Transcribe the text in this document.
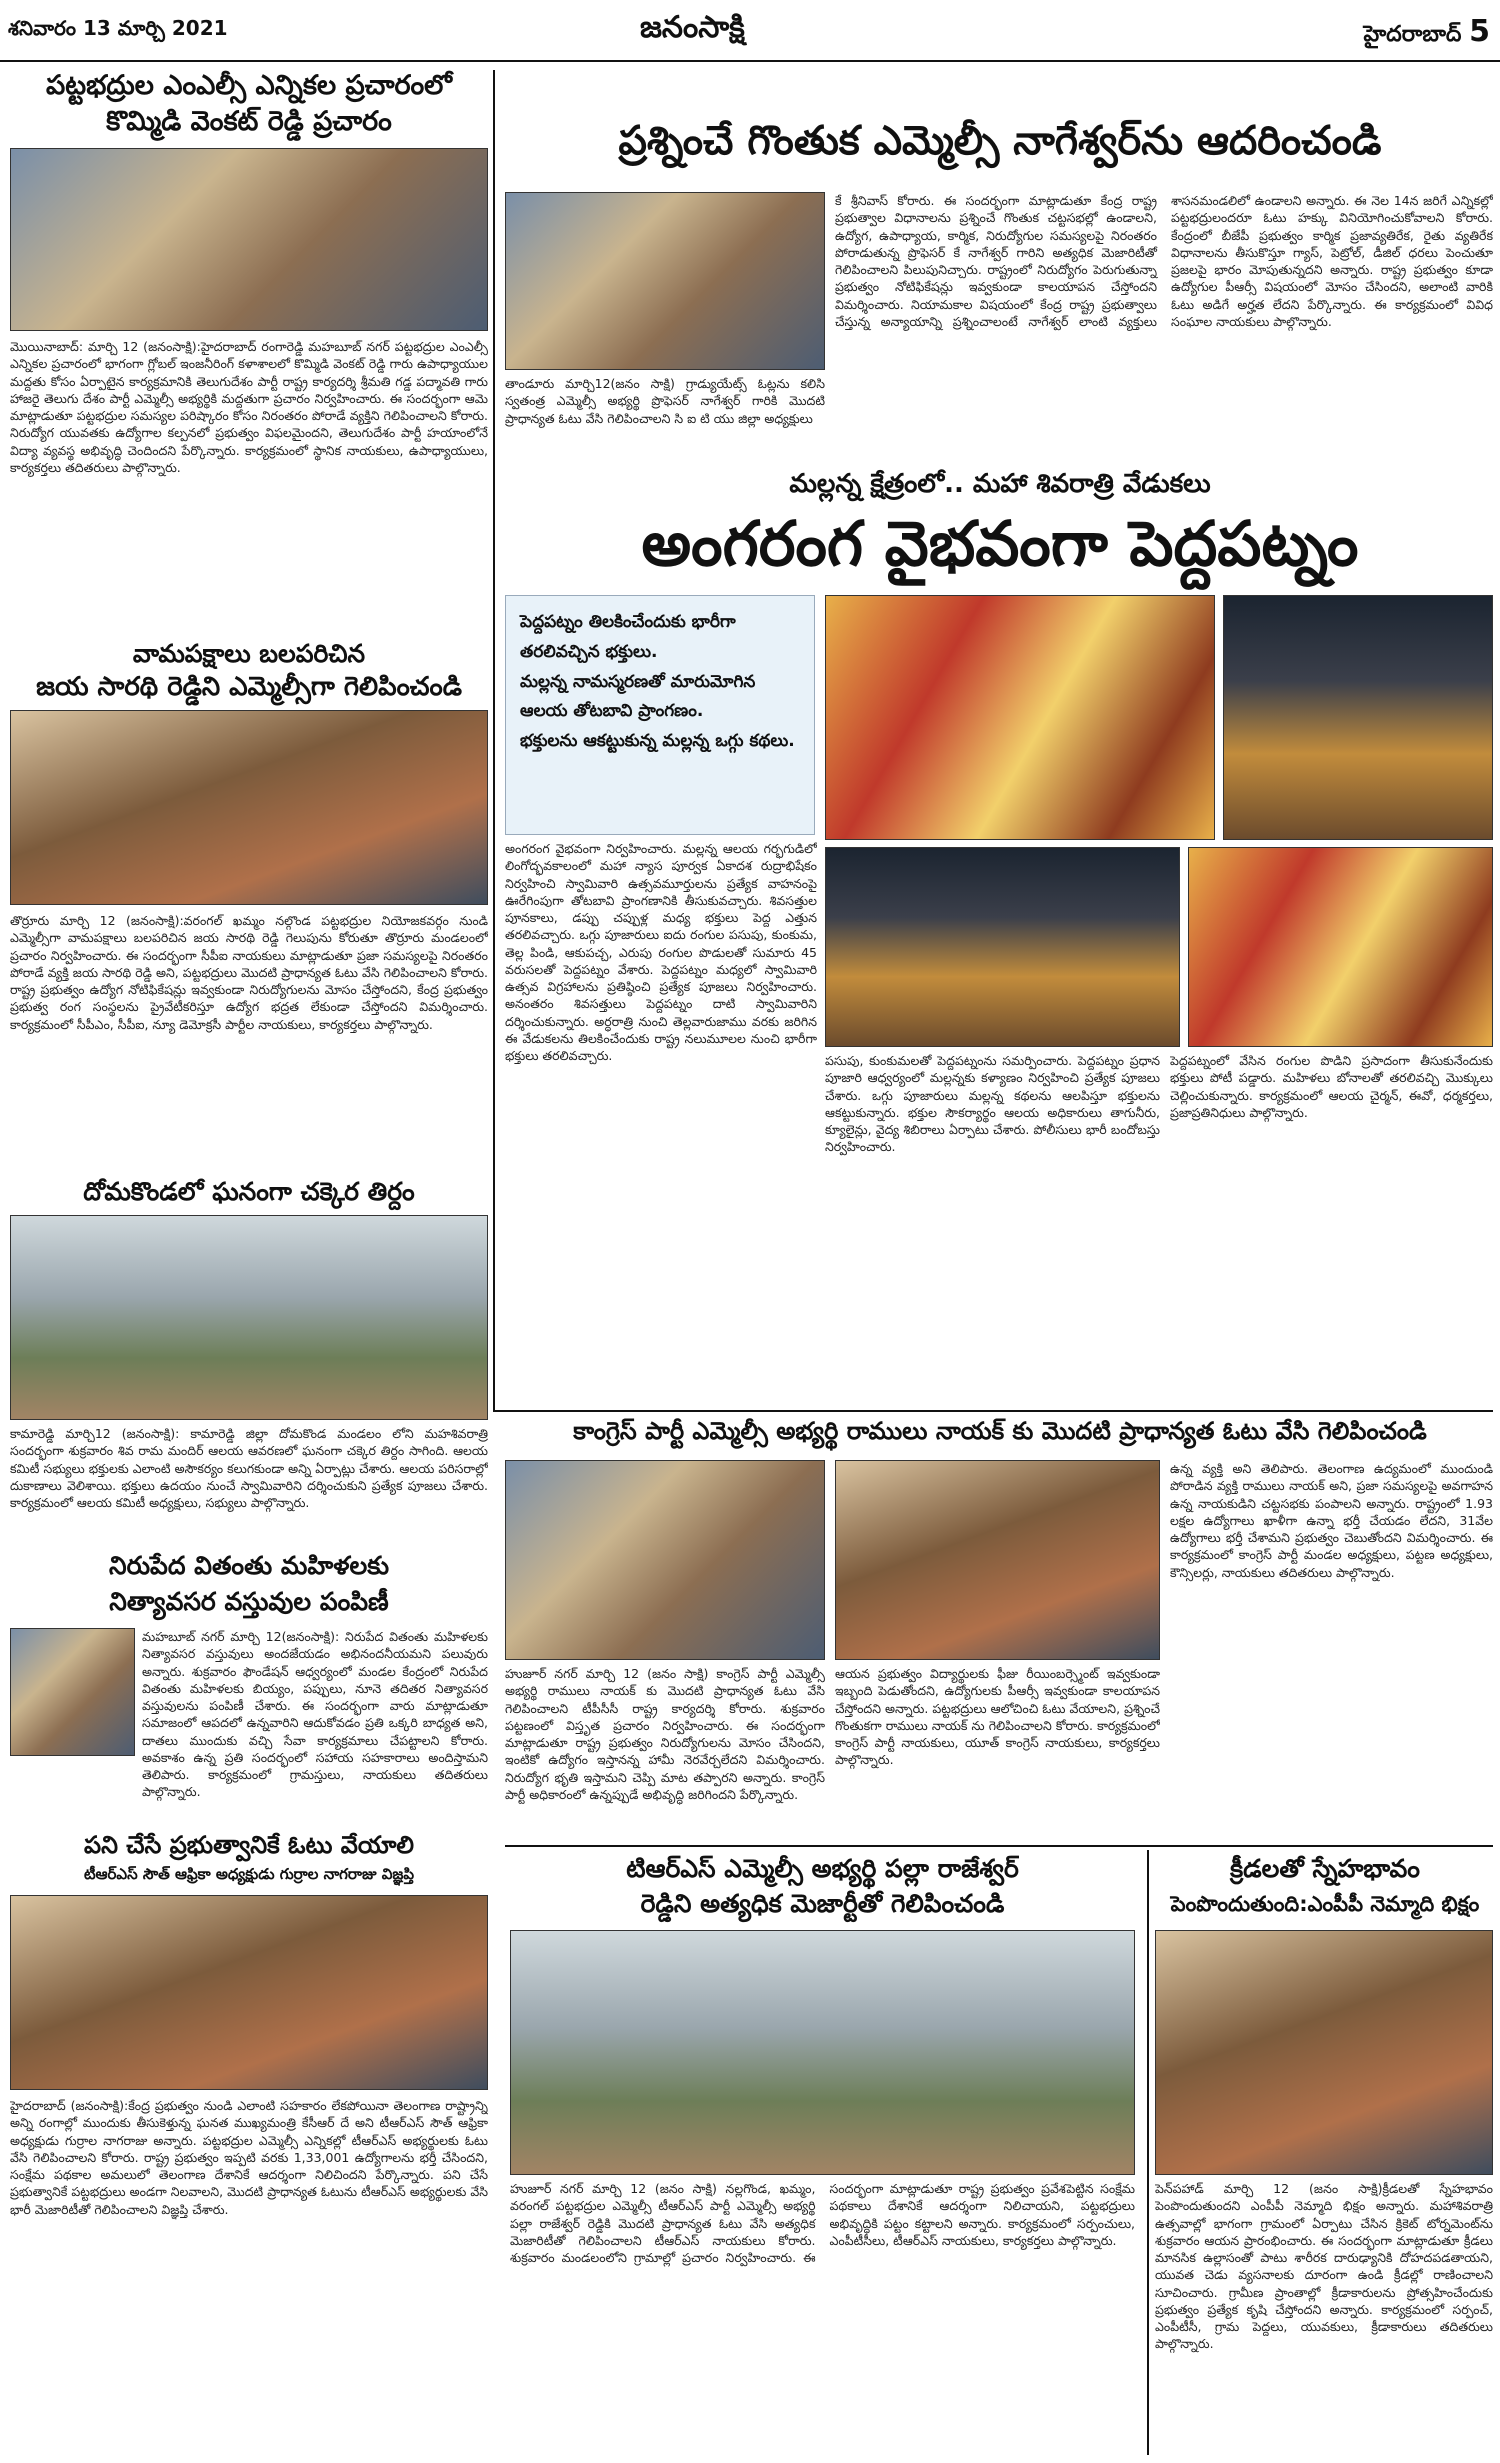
శనివారం 13 మార్చి 2021	జనంసాక్షి	హైదరాబాద్ 5
పట్టభద్రుల ఎంఎల్సీ ఎన్నికల ప్రచారంలో
కొమ్మిడి వెంకట్ రెడ్డి ప్రచారం
మొయినాబాద్: మార్చి 12 (జనంసాక్షి):హైదరాబాద్ రంగారెడ్డి మహబూబ్ నగర్ పట్టభద్రుల ఎంఎల్సీ ఎన్నికల ప్రచారంలో భాగంగా గ్లోబల్ ఇంజనీరింగ్ కళాశాలలో కొమ్మిడి వెంకట్ రెడ్డి గారు ఉపాధ్యాయుల మద్దతు కోసం ఏర్పాటైన కార్యక్రమానికి తెలుగుదేశం పార్టీ రాష్ట్ర కార్యదర్శి శ్రీమతి గడ్డ పద్మావతి గారు హాజరై తెలుగు దేశం పార్టీ ఎమ్మెల్సీ అభ్యర్థికి మద్దతుగా ప్రచారం నిర్వహించారు. ఈ సందర్భంగా ఆమె మాట్లాడుతూ పట్టభద్రుల సమస్యల పరిష్కారం కోసం నిరంతరం పోరాడే వ్యక్తిని గెలిపించాలని కోరారు. నిరుద్యోగ యువతకు ఉద్యోగాల కల్పనలో ప్రభుత్వం విఫలమైందని, తెలుగుదేశం పార్టీ హయాంలోనే విద్యా వ్యవస్థ అభివృద్ధి చెందిందని పేర్కొన్నారు. కార్యక్రమంలో స్థానిక నాయకులు, ఉపాధ్యాయులు, కార్యకర్తలు తదితరులు పాల్గొన్నారు.
వామపక్షాలు బలపరిచిన
జయ సారథి రెడ్డిని ఎమ్మెల్సీగా గెలిపించండి
తొర్రూరు మార్చి 12 (జనంసాక్షి):వరంగల్ ఖమ్మం నల్గొండ పట్టభద్రుల నియోజకవర్గం నుండి ఎమ్మెల్సీగా వామపక్షాలు బలపరిచిన జయ సారథి రెడ్డి గెలుపును కోరుతూ తొర్రూరు మండలంలో ప్రచారం నిర్వహించారు. ఈ సందర్భంగా సీపీఐ నాయకులు మాట్లాడుతూ ప్రజా సమస్యలపై నిరంతరం పోరాడే వ్యక్తి జయ సారథి రెడ్డి అని, పట్టభద్రులు మొదటి ప్రాధాన్యత ఓటు వేసి గెలిపించాలని కోరారు. రాష్ట్ర ప్రభుత్వం ఉద్యోగ నోటిఫికేషన్లు ఇవ్వకుండా నిరుద్యోగులను మోసం చేస్తోందని, కేంద్ర ప్రభుత్వం ప్రభుత్వ రంగ సంస్థలను ప్రైవేటీకరిస్తూ ఉద్యోగ భద్రత లేకుండా చేస్తోందని విమర్శించారు. కార్యక్రమంలో సీపీఎం, సీపీఐ, న్యూ డెమోక్రసీ పార్టీల నాయకులు, కార్యకర్తలు పాల్గొన్నారు.
దోమకొండలో ఘనంగా చక్కెర తిర్దం
కామారెడ్డి మార్చి12 (జనంసాక్షి): కామారెడ్డి జిల్లా దోమకొండ మండలం లోని మహశివరాత్రి సందర్భంగా శుక్రవారం శివ రామ మందిర్ ఆలయ ఆవరణలో ఘనంగా చక్కెర తిర్దం సాగింది. ఆలయ కమిటీ సభ్యులు భక్తులకు ఎలాంటి అసౌకర్యం కలుగకుండా అన్ని ఏర్పాట్లు చేశారు. ఆలయ పరిసరాల్లో దుకాణాలు వెలిశాయి. భక్తులు ఉదయం నుంచే స్వామివారిని దర్శించుకుని ప్రత్యేక పూజలు చేశారు. కార్యక్రమంలో ఆలయ కమిటీ అధ్యక్షులు, సభ్యులు పాల్గొన్నారు.
నిరుపేద వితంతు మహిళలకు
నిత్యావసర వస్తువుల పంపిణీ
మహబూబ్ నగర్ మార్చి 12(జనంసాక్షి): నిరుపేద వితంతు మహిళలకు నిత్యావసర వస్తువులు అందజేయడం అభినందనీయమని పలువురు అన్నారు. శుక్రవారం ఫౌండేషన్ ఆధ్వర్యంలో మండల కేంద్రంలో నిరుపేద వితంతు మహిళలకు బియ్యం, పప్పులు, నూనె తదితర నిత్యావసర వస్తువులను పంపిణీ చేశారు. ఈ సందర్భంగా వారు మాట్లాడుతూ సమాజంలో ఆపదలో ఉన్నవారిని ఆదుకోవడం ప్రతి ఒక్కరి బాధ్యత అని, దాతలు ముందుకు వచ్చి సేవా కార్యక్రమాలు చేపట్టాలని కోరారు. అవకాశం ఉన్న ప్రతి సందర్భంలో సహాయ సహకారాలు అందిస్తామని తెలిపారు. కార్యక్రమంలో గ్రామస్తులు, నాయకులు తదితరులు పాల్గొన్నారు.
పని చేసే ప్రభుత్వానికే ఓటు వేయాలి
టీఆర్ఎస్ సౌత్ ఆఫ్రికా అధ్యక్షుడు గుర్రాల నాగరాజు విజ్ఞప్తి
హైదరాబాద్ (జనంసాక్షి):కేంద్ర ప్రభుత్వం నుండి ఎలాంటి సహకారం లేకపోయినా తెలంగాణ రాష్ట్రాన్ని అన్ని రంగాల్లో ముందుకు తీసుకెళ్తున్న ఘనత ముఖ్యమంత్రి కేసీఆర్ దే అని టీఆర్ఎస్ సౌత్ ఆఫ్రికా అధ్యక్షుడు గుర్రాల నాగరాజు అన్నారు. పట్టభద్రుల ఎమ్మెల్సీ ఎన్నికల్లో టీఆర్ఎస్ అభ్యర్థులకు ఓటు వేసి గెలిపించాలని కోరారు. రాష్ట్ర ప్రభుత్వం ఇప్పటి వరకు 1,33,001 ఉద్యోగాలను భర్తీ చేసిందని, సంక్షేమ పథకాల అమలులో తెలంగాణ దేశానికే ఆదర్శంగా నిలిచిందని పేర్కొన్నారు. పని చేసే ప్రభుత్వానికే పట్టభద్రులు అండగా నిలవాలని, మొదటి ప్రాధాన్యత ఓటును టీఆర్ఎస్ అభ్యర్థులకు వేసి భారీ మెజారిటీతో గెలిపించాలని విజ్ఞప్తి చేశారు.
ప్రశ్నించే గొంతుక ఎమ్మెల్సీ నాగేశ్వర్‌ను ఆదరించండి
తాండూరు మార్చి12(జనం సాక్షి) గ్రాడ్యుయేట్స్ ఓట్లను కలిసి స్వతంత్ర ఎమ్మెల్సీ అభ్యర్థి ప్రొఫెసర్ నాగేశ్వర్ గారికి మొదటి ప్రాధాన్యత ఓటు వేసి గెలిపించాలని సి ఐ టి యు జిల్లా అధ్యక్షులు
కే శ్రీనివాస్ కోరారు. ఈ సందర్భంగా మాట్లాడుతూ కేంద్ర రాష్ట్ర ప్రభుత్వాల విధానాలను ప్రశ్నించే గొంతుక చట్టసభల్లో ఉండాలని, ఉద్యోగ, ఉపాధ్యాయ, కార్మిక, నిరుద్యోగుల సమస్యలపై నిరంతరం పోరాడుతున్న ప్రొఫెసర్ కే నాగేశ్వర్ గారిని అత్యధిక మెజారిటీతో గెలిపించాలని పిలుపునిచ్చారు. రాష్ట్రంలో నిరుద్యోగం పెరుగుతున్నా ప్రభుత్వం నోటిఫికేషన్లు ఇవ్వకుండా కాలయాపన చేస్తోందని విమర్శించారు. నియామకాల విషయంలో కేంద్ర రాష్ట్ర ప్రభుత్వాలు చేస్తున్న అన్యాయాన్ని ప్రశ్నించాలంటే నాగేశ్వర్ లాంటి వ్యక్తులు శాసనమండలిలో ఉండాలని అన్నారు. ఈ నెల 14న జరిగే ఎన్నికల్లో పట్టభద్రులందరూ ఓటు హక్కు వినియోగించుకోవాలని కోరారు. కేంద్రంలో బీజేపీ ప్రభుత్వం కార్మిక ప్రజావ్యతిరేక, రైతు వ్యతిరేక విధానాలను తీసుకొస్తూ గ్యాస్, పెట్రోల్, డీజిల్ ధరలు పెంచుతూ ప్రజలపై భారం మోపుతున్నదని అన్నారు. రాష్ట్ర ప్రభుత్వం కూడా ఉద్యోగుల పీఆర్సీ విషయంలో మోసం చేసిందని, అలాంటి వారికి ఓటు అడిగే అర్హత లేదని పేర్కొన్నారు. ఈ కార్యక్రమంలో వివిధ సంఘాల నాయకులు పాల్గొన్నారు.
మల్లన్న క్షేత్రంలో.. మహా శివరాత్రి వేడుకలు
అంగరంగ వైభవంగా పెద్దపట్నం
పెద్దపట్నం తిలకించేందుకు భారీగా తరలివచ్చిన భక్తులు.
మల్లన్న నామస్మరణతో మారుమోగిన ఆలయ తోటబావి ప్రాంగణం.
భక్తులను ఆకట్టుకున్న మల్లన్న ఒగ్గు కథలు.
అంగరంగ వైభవంగా నిర్వహించారు. మల్లన్న ఆలయ గర్భగుడిలో లింగోద్భవకాలంలో మహా న్యాస పూర్వక ఏకాదశ రుద్రాభిషేకం నిర్వహించి స్వామివారి ఉత్సవమూర్తులను ప్రత్యేక వాహనంపై ఊరేగింపుగా తోటబావి ప్రాంగణానికి తీసుకువచ్చారు. శివసత్తుల పూనకాలు, డప్పు చప్పుళ్ల మధ్య భక్తులు పెద్ద ఎత్తున తరలివచ్చారు. ఒగ్గు పూజారులు ఐదు రంగుల పసుపు, కుంకుమ, తెల్ల పిండి, ఆకుపచ్చ, ఎరుపు రంగుల పొడులతో సుమారు 45 వరుసలతో పెద్దపట్నం వేశారు. పెద్దపట్నం మధ్యలో స్వామివారి ఉత్సవ విగ్రహాలను ప్రతిష్ఠించి ప్రత్యేక పూజలు నిర్వహించారు. అనంతరం శివసత్తులు పెద్దపట్నం దాటి స్వామివారిని దర్శించుకున్నారు. అర్ధరాత్రి నుంచి తెల్లవారుజాము వరకు జరిగిన ఈ వేడుకలను తిలకించేందుకు రాష్ట్ర నలుమూలల నుంచి భారీగా భక్తులు తరలివచ్చారు.	పసుపు, కుంకుమలతో పెద్దపట్నంను సమర్పించారు. పెద్దపట్నం ప్రధాన పూజారి ఆధ్వర్యంలో మల్లన్నకు కళ్యాణం నిర్వహించి ప్రత్యేక పూజలు చేశారు. ఒగ్గు పూజారులు మల్లన్న కథలను ఆలపిస్తూ భక్తులను ఆకట్టుకున్నారు. భక్తుల సౌకర్యార్థం ఆలయ అధికారులు తాగునీరు, క్యూలైన్లు, వైద్య శిబిరాలు ఏర్పాటు చేశారు. పోలీసులు భారీ బందోబస్తు నిర్వహించారు.
పెద్దపట్నంలో వేసిన రంగుల పొడిని ప్రసాదంగా తీసుకునేందుకు భక్తులు పోటీ పడ్డారు. మహిళలు బోనాలతో తరలివచ్చి మొక్కులు చెల్లించుకున్నారు. కార్యక్రమంలో ఆలయ చైర్మన్, ఈవో, ధర్మకర్తలు, ప్రజాప్రతినిధులు పాల్గొన్నారు.
కాంగ్రెస్ పార్టీ ఎమ్మెల్సీ అభ్యర్థి రాములు నాయక్ కు మొదటి ప్రాధాన్యత ఓటు వేసి గెలిపించండి
హుజూర్ నగర్ మార్చి 12 (జనం సాక్షి) కాంగ్రెస్ పార్టీ ఎమ్మెల్సీ అభ్యర్థి రాములు నాయక్ కు మొదటి ప్రాధాన్యత ఓటు వేసి గెలిపించాలని టీపీసీసీ రాష్ట్ర కార్యదర్శి కోరారు. శుక్రవారం పట్టణంలో విస్తృత ప్రచారం నిర్వహించారు. ఈ సందర్భంగా మాట్లాడుతూ రాష్ట్ర ప్రభుత్వం నిరుద్యోగులను మోసం చేసిందని, ఇంటికో ఉద్యోగం ఇస్తానన్న హామీ నెరవేర్చలేదని విమర్శించారు. నిరుద్యోగ భృతి ఇస్తామని చెప్పి మాట తప్పారని అన్నారు. కాంగ్రెస్ పార్టీ అధికారంలో ఉన్నప్పుడే అభివృద్ధి జరిగిందని పేర్కొన్నారు.
ఆయన ప్రభుత్వం విద్యార్థులకు ఫీజు రీయింబర్స్మెంట్ ఇవ్వకుండా ఇబ్బంది పెడుతోందని, ఉద్యోగులకు పీఆర్సీ ఇవ్వకుండా కాలయాపన చేస్తోందని అన్నారు. పట్టభద్రులు ఆలోచించి ఓటు వేయాలని, ప్రశ్నించే గొంతుకగా రాములు నాయక్ ను గెలిపించాలని కోరారు. కార్యక్రమంలో కాంగ్రెస్ పార్టీ నాయకులు, యూత్ కాంగ్రెస్ నాయకులు, కార్యకర్తలు పాల్గొన్నారు.
ఉన్న వ్యక్తి అని తెలిపారు. తెలంగాణ ఉద్యమంలో ముందుండి పోరాడిన వ్యక్తి రాములు నాయక్ అని, ప్రజా సమస్యలపై అవగాహన ఉన్న నాయకుడిని చట్టసభకు పంపాలని అన్నారు. రాష్ట్రంలో 1.93 లక్షల ఉద్యోగాలు ఖాళీగా ఉన్నా భర్తీ చేయడం లేదని, 31వేల ఉద్యోగాలు భర్తీ చేశామని ప్రభుత్వం చెబుతోందని విమర్శించారు. ఈ కార్యక్రమంలో కాంగ్రెస్ పార్టీ మండల అధ్యక్షులు, పట్టణ అధ్యక్షులు, కౌన్సిలర్లు, నాయకులు తదితరులు పాల్గొన్నారు.
టిఆర్ఎస్ ఎమ్మెల్సీ అభ్యర్థి పల్లా రాజేశ్వర్
రెడ్డిని అత్యధిక మెజార్టీతో గెలిపించండి
హుజూర్ నగర్ మార్చి 12 (జనం సాక్షి) నల్లగొండ, ఖమ్మం, వరంగల్ పట్టభద్రుల ఎమ్మెల్సీ టీఆర్ఎస్ పార్టీ ఎమ్మెల్సీ అభ్యర్థి పల్లా రాజేశ్వర్ రెడ్డికి మొదటి ప్రాధాన్యత ఓటు వేసి అత్యధిక మెజారిటీతో గెలిపించాలని టీఆర్ఎస్ నాయకులు కోరారు. శుక్రవారం మండలంలోని గ్రామాల్లో ప్రచారం నిర్వహించారు. ఈ సందర్భంగా మాట్లాడుతూ రాష్ట్ర ప్రభుత్వం ప్రవేశపెట్టిన సంక్షేమ పథకాలు దేశానికే ఆదర్శంగా నిలిచాయని, పట్టభద్రులు అభివృద్ధికి పట్టం కట్టాలని అన్నారు. కార్యక్రమంలో సర్పంచులు, ఎంపీటీసీలు, టీఆర్ఎస్ నాయకులు, కార్యకర్తలు పాల్గొన్నారు.
క్రీడలతో స్నేహభావం
పెంపొందుతుంది:ఎంపీపీ నెమ్మాది భిక్షం
పెన్‌పహాడ్ మార్చి 12 (జనం సాక్షి)క్రీడలతో స్నేహభావం పెంపొందుతుందని ఎంపీపీ నెమ్మాది భిక్షం అన్నారు. మహాశివరాత్రి ఉత్సవాల్లో భాగంగా గ్రామంలో ఏర్పాటు చేసిన క్రికెట్ టోర్నమెంట్‌ను శుక్రవారం ఆయన ప్రారంభించారు. ఈ సందర్భంగా మాట్లాడుతూ క్రీడలు మానసిక ఉల్లాసంతో పాటు శారీరక దారుఢ్యానికి దోహదపడతాయని, యువత చెడు వ్యసనాలకు దూరంగా ఉండి క్రీడల్లో రాణించాలని సూచించారు. గ్రామీణ ప్రాంతాల్లో క్రీడాకారులను ప్రోత్సహించేందుకు ప్రభుత్వం ప్రత్యేక కృషి చేస్తోందని అన్నారు. కార్యక్రమంలో సర్పంచ్, ఎంపీటీసీ, గ్రామ పెద్దలు, యువకులు, క్రీడాకారులు తదితరులు పాల్గొన్నారు.
